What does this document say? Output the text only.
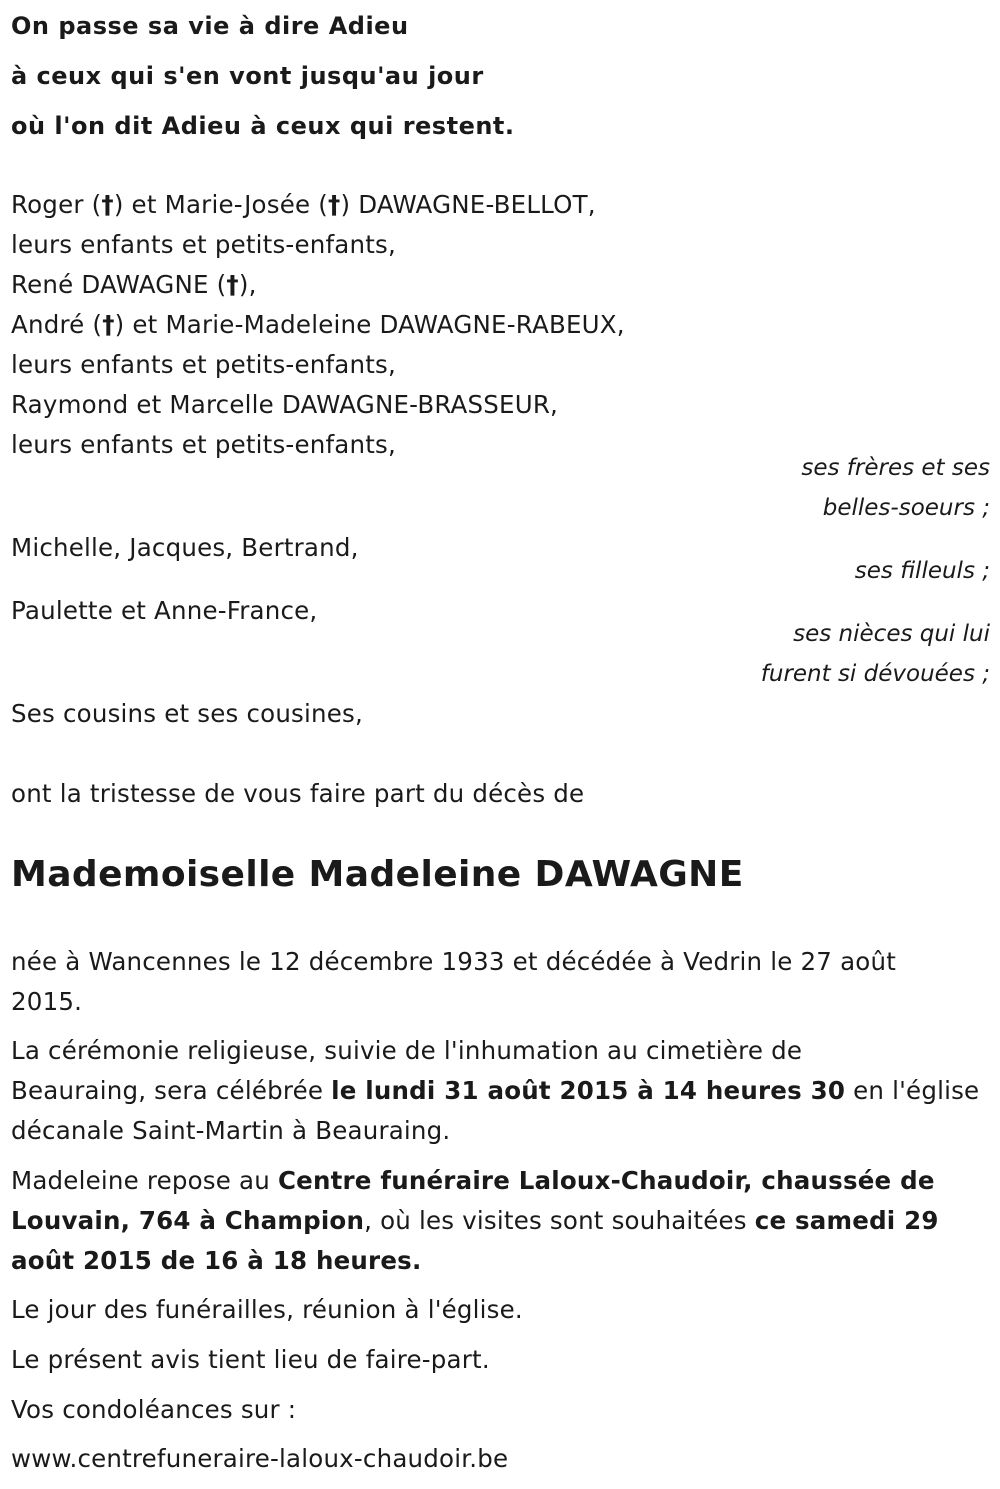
On passe sa vie à dire Adieu
à ceux qui s'en vont jusqu'au jour
où l'on dit Adieu à ceux qui restent.
Roger (†) et Marie-Josée (†) DAWAGNE-BELLOT,
leurs enfants et petits-enfants,
René DAWAGNE (†),
André (†) et Marie-Madeleine DAWAGNE-RABEUX,
leurs enfants et petits-enfants,
Raymond et Marcelle DAWAGNE-BRASSEUR,
leurs enfants et petits-enfants,
ses frères et ses
belles-soeurs ;
Michelle, Jacques, Bertrand,
ses filleuls ;
Paulette et Anne-France,
ses nièces qui lui
furent si dévouées ;
Ses cousins et ses cousines,
ont la tristesse de vous faire part du décès de
Mademoiselle Madeleine DAWAGNE
née à Wancennes le 12 décembre 1933 et décédée à Vedrin le 27 août
2015.
La cérémonie religieuse, suivie de l'inhumation au cimetière de
Beauraing, sera célébrée le lundi 31 août 2015 à 14 heures 30 en l'église
décanale Saint-Martin à Beauraing.
Madeleine repose au Centre funéraire Laloux-Chaudoir, chaussée de
Louvain, 764 à Champion, où les visites sont souhaitées ce samedi 29
août 2015 de 16 à 18 heures.
Le jour des funérailles, réunion à l'église.
Le présent avis tient lieu de faire-part.
Vos condoléances sur :
www.centrefuneraire-laloux-chaudoir.be
